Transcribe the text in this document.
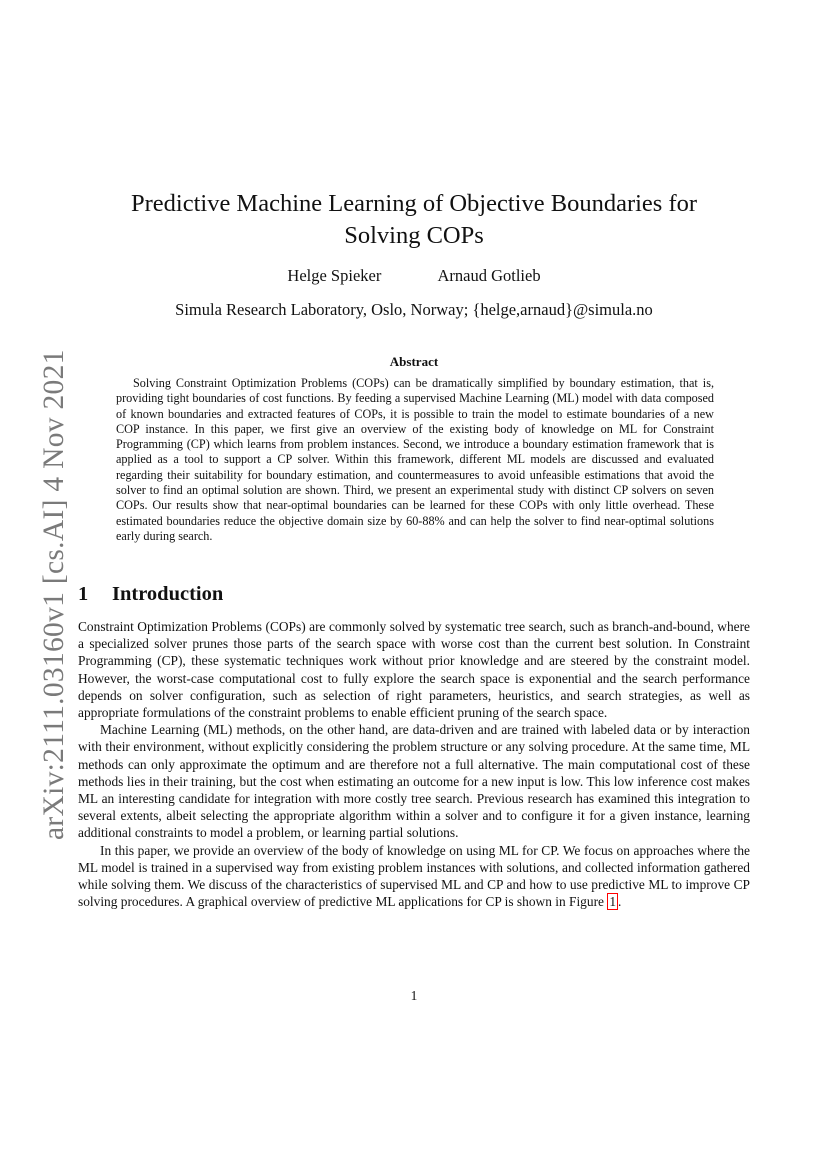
arXiv:2111.03160v1 [cs.AI] 4 Nov 2021
Predictive Machine Learning of Objective Boundaries for Solving COPs
Helge Spieker	Arnaud Gotlieb
Simula Research Laboratory, Oslo, Norway; {helge,arnaud}@simula.no
Abstract

Solving Constraint Optimization Problems (COPs) can be dramatically simplified by boundary estimation, that is, providing tight boundaries of cost functions. By feeding a supervised Machine Learning (ML) model with data composed of known boundaries and extracted features of COPs, it is possible to train the model to estimate boundaries of a new COP instance. In this paper, we first give an overview of the existing body of knowledge on ML for Constraint Programming (CP) which learns from problem instances. Second, we introduce a boundary estimation framework that is applied as a tool to support a CP solver. Within this framework, different ML models are discussed and evaluated regarding their suitability for boundary estimation, and countermeasures to avoid unfeasible estimations that avoid the solver to find an optimal solution are shown. Third, we present an experimental study with distinct CP solvers on seven COPs. Our results show that near-optimal boundaries can be learned for these COPs with only little overhead. These estimated boundaries reduce the objective domain size by 60-88% and can help the solver to find near-optimal solutions early during search.

1 Introduction

Constraint Optimization Problems (COPs) are commonly solved by systematic tree search, such as branch-and-bound, where a specialized solver prunes those parts of the search space with worse cost than the current best solution. In Constraint Programming (CP), these systematic techniques work without prior knowledge and are steered by the constraint model. However, the worst-case computational cost to fully explore the search space is exponential and the search performance depends on solver configuration, such as selection of right parameters, heuristics, and search strategies, as well as appropriate formulations of the constraint problems to enable efficient pruning of the search space.

Machine Learning (ML) methods, on the other hand, are data-driven and are trained with labeled data or by interaction with their environment, without explicitly considering the problem structure or any solving procedure. At the same time, ML methods can only approximate the optimum and are therefore not a full alternative. The main computational cost of these methods lies in their training, but the cost when estimating an outcome for a new input is low. This low inference cost makes ML an interesting candidate for integration with more costly tree search. Previous research has examined this integration to several extents, albeit selecting the appropriate algorithm within a solver and to configure it for a given instance, learning additional constraints to model a problem, or learning partial solutions.

In this paper, we provide an overview of the body of knowledge on using ML for CP. We focus on approaches where the ML model is trained in a supervised way from existing problem instances with solutions, and collected information gathered while solving them. We discuss of the characteristics of supervised ML and CP and how to use predictive ML to improve CP solving procedures. A graphical overview of predictive ML applications for CP is shown in Figure 1 .

1
